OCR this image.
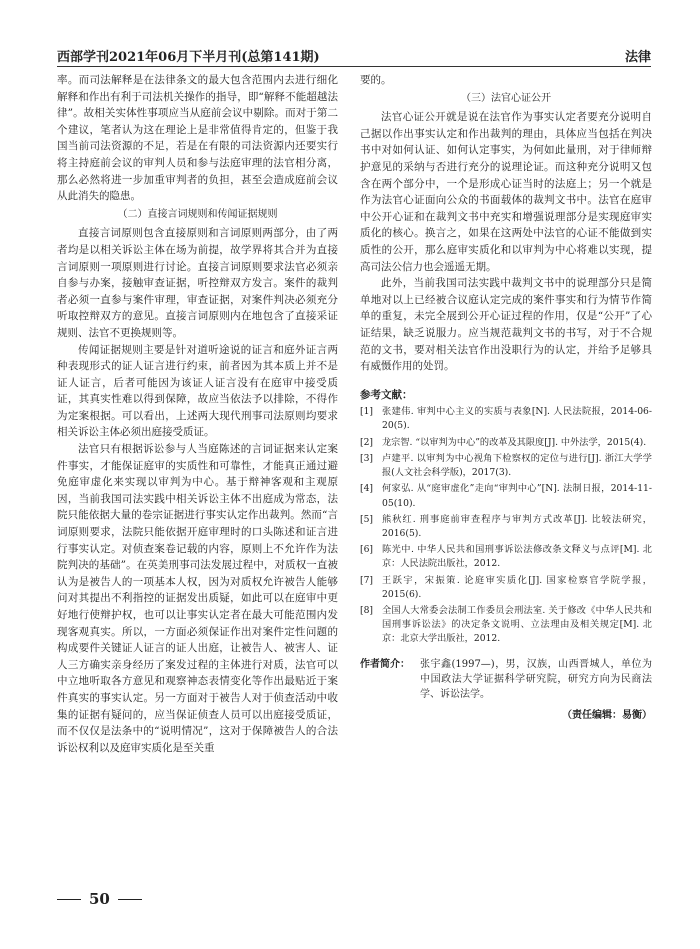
西部学刊2021年06月下半月刊(总第141期)	法律

率。而司法解释是在法律条文的最大包含范围内去进行细化解释和作出有利于司法机关操作的指导，即“解释不能超越法律”。故相关实体性事项应当从庭前会议中剔除。而对于第二个建议，笔者认为这在理论上是非常值得肯定的，但鉴于我国当前司法资源的不足，若是在有限的司法资源内还要实行将主持庭前会议的审判人员和参与法庭审理的法官相分离，那么必然将进一步加重审判者的负担，甚至会造成庭前会议从此消失的隐患。

（二）直接言词规则和传闻证据规则

直接言词原则包含直接原则和言词原则两部分，由了两者均是以相关诉讼主体在场为前提，故学界将其合并为直接言词原则一项原则进行讨论。直接言词原则要求法官必须亲自参与办案，接触审查证据，听控辩双方发言。案件的裁判者必须一直参与案件审理，审查证据，对案件判决必须充分听取控辩双方的意见。直接言词原则内在地包含了直接采证规则、法官不更换规则等。

传闻证据规则主要是针对道听途说的证言和庭外证言两种表现形式的证人证言进行约束，前者因为其本质上并不是证人证言，后者可能因为该证人证言没有在庭审中接受质证，其真实性难以得到保障，故应当依法予以排除，不得作为定案根据。可以看出，上述两大现代刑事司法原则均要求相关诉讼主体必须出庭接受质证。

法官只有根据诉讼参与人当庭陈述的言词证据来认定案件事实，才能保证庭审的实质性和可靠性，才能真正通过避免庭审虚化来实现以审判为中心。基于辩神客观和主观原因，当前我国司法实践中相关诉讼主体不出庭成为常态，法院只能依据大量的卷宗证据进行事实认定作出裁判。然而“言词原则要求，法院只能依据开庭审理时的口头陈述和证言进行事实认定。对侦查案卷记载的内容，原则上不允许作为法院判决的基础”。在英美刑事司法发展过程中，对质权一直被认为是被告人的一项基本人权，因为对质权允许被告人能够问对其提出不利指控的证据发出质疑，如此可以在庭审中更好地行使辩护权，也可以让事实认定者在最大可能范围内发现客观真实。所以，一方面必须保证作出对案件定性问题的构成要件关键证人证言的证人出庭，让被告人、被害人、证人三方确实亲身经历了案发过程的主体进行对质，法官可以中立地听取各方意见和观察神态表情变化等作出最贴近于案件真实的事实认定。另一方面对于被告人对于侦查活动中收集的证据有疑问的，应当保证侦查人员可以出庭接受质证，而不仅仅是法条中的“说明情况”，这对于保障被告人的合法诉讼权利以及庭审实质化是至关重

要的。

（三）法官心证公开

法官心证公开就是说在法官作为事实认定者要充分说明自己据以作出事实认定和作出裁判的理由，具体应当包括在判决书中对如何认证、如何认定事实，为何如此量刑，对于律师辩护意见的采纳与否进行充分的说理论证。而这种充分说明又包含在两个部分中，一个是形成心证当时的法庭上；另一个就是作为法官心证面向公众的书面载体的裁判文书中。法官在庭审中公开心证和在裁判文书中充实和增强说理部分是实现庭审实质化的核心。换言之，如果在这两处中法官的心证不能做到实质性的公开，那么庭审实质化和以审判为中心将难以实现，提高司法公信力也会遥遥无期。

此外，当前我国司法实践中裁判文书中的说理部分只是简单地对以上已经被合议庭认定完成的案件事实和行为情节作简单的重复，未完全展到公开心证过程的作用，仅是“公开”了心证结果，缺乏说服力。应当规范裁判文书的书写，对于不合规范的文书，要对相关法官作出没职行为的认定，并给予足够具有威慑作用的处罚。

参考文献：
[1] 张建伟. 审判中心主义的实质与表象[N]. 人民法院报，2014-06-20(5).
[2] 龙宗智. “以审判为中心”的改革及其限度[J]. 中外法学，2015(4).
[3] 卢建平. 以审判为中心视角下检察权的定位与进行[J]. 浙江大学学报(人文社会科学版)，2017(3).
[4] 何家弘. 从“庭审虚化”走向“审判中心”[N]. 法制日报，2014-11-05(10).
[5] 熊秋红. 刑事庭前审查程序与审判方式改革[J]. 比较法研究，2016(5).
[6] 陈光中. 中华人民共和国刑事诉讼法修改条文释义与点评[M]. 北京：人民法院出版社，2012.
[7] 王跃宇，宋振策. 论庭审实质化[J]. 国家检察官学院学报，2015(6).
[8] 全国人大常委会法制工作委员会刑法室. 关于修改《中华人民共和国刑事诉讼法》的决定条文说明、立法理由及相关规定[M]. 北京：北京大学出版社，2012.
作者简介：	张宇鑫(1997—)，男，汉族，山西晋城人，单位为中国政法大学证据科学研究院，研究方向为民商法学、诉讼法学。
（责任编辑：易衡）
50
